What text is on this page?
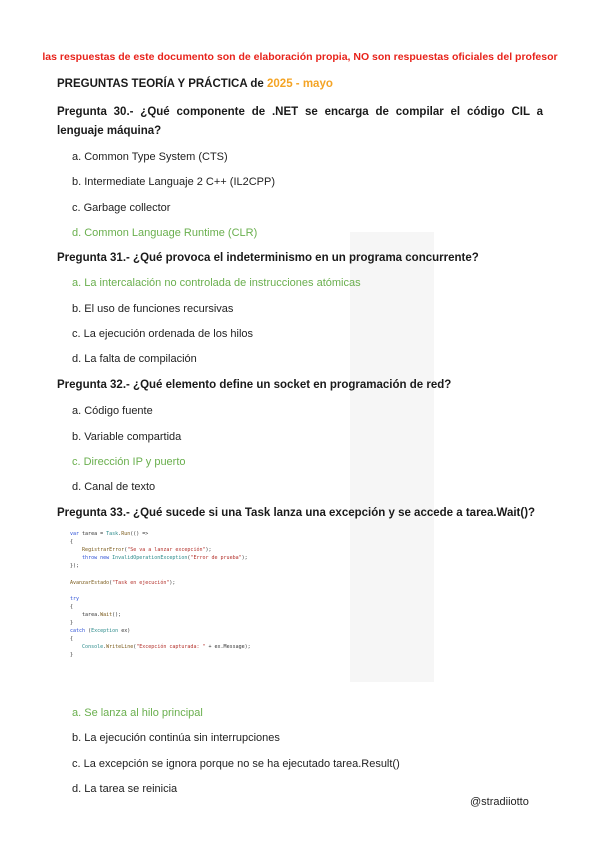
las respuestas de este documento son de elaboración propia, NO son respuestas oficiales del profesor
PREGUNTAS TEORÍA Y PRÁCTICA de 2025 - mayo
Pregunta 30.- ¿Qué componente de .NET se encarga de compilar el código CIL a lenguaje máquina?
a. Common Type System (CTS)
b. Intermediate Languaje 2 C++ (IL2CPP)
c. Garbage collector
d. Common Language Runtime (CLR)
Pregunta 31.- ¿Qué provoca el indeterminismo en un programa concurrente?
a. La intercalación no controlada de instrucciones atómicas
b. El uso de funciones recursivas
c. La ejecución ordenada de los hilos
d. La falta de compilación
Pregunta 32.- ¿Qué elemento define un socket en programación de red?
a. Código fuente
b. Variable compartida
c. Dirección IP y puerto
d. Canal de texto
Pregunta 33.- ¿Qué sucede si una Task lanza una excepción y se accede a tarea.Wait()?
var tarea = Task.Run(() =>
{
RegistrarError("Se va a lanzar excepción");
throw new InvalidOperationException("Error de prueba");
});

AvanzarEstado("Task en ejecución");

try
{
tarea.Wait();
}
catch (Exception ex)
{
Console.WriteLine("Excepción capturada: " + ex.Message);
}
a. Se lanza al hilo principal
b. La ejecución continúa sin interrupciones
c. La excepción se ignora porque no se ha ejecutado tarea.Result()
d. La tarea se reinicia
@stradiiotto
